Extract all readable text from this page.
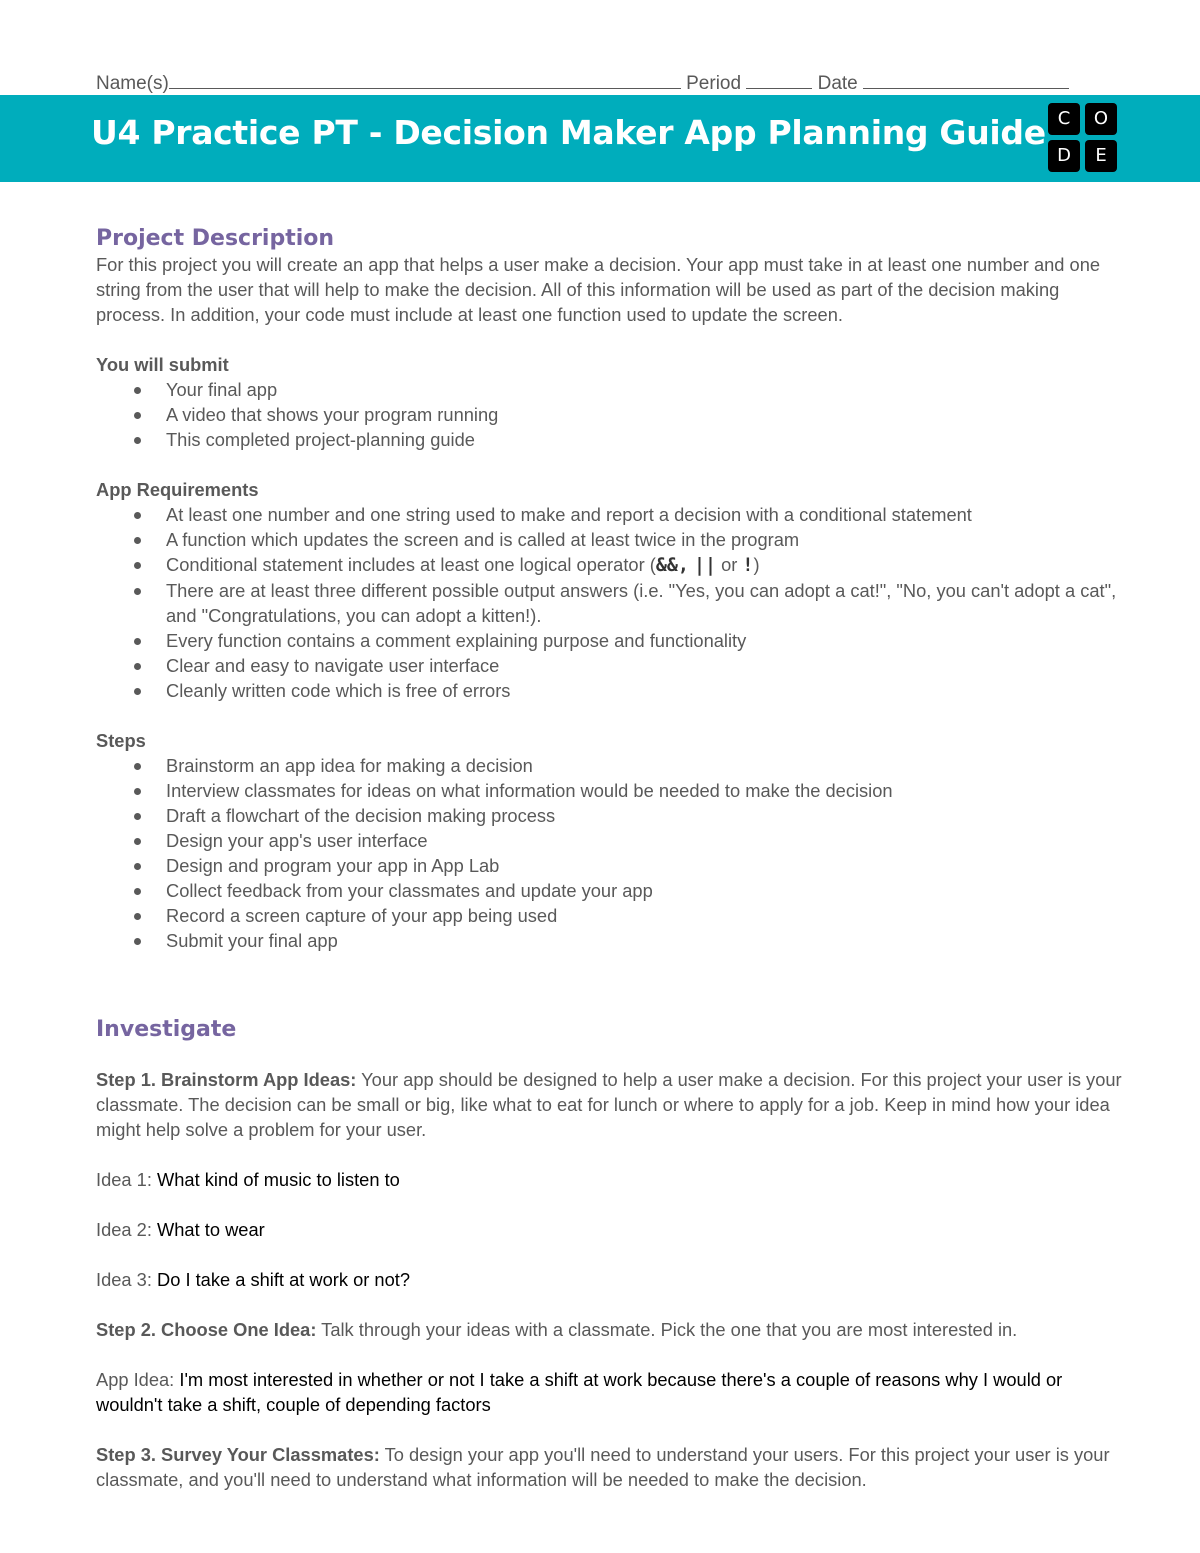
Name(s)	Period	Date
U4 Practice PT - Decision Maker App Planning Guide C	O
D	E
Project Description

For this project you will create an app that helps a user make a decision. Your app must take in at least one number and one string from the user that will help to make the decision. All of this information will be used as part of the decision making process. In addition, your code must include at least one function used to update the screen.

You will submit
Your final app
A video that shows your program running
This completed project-planning guide
App Requirements
At least one number and one string used to make and report a decision with a conditional statement
A function which updates the screen and is called at least twice in the program
Conditional statement includes at least one logical operator (&&, || or !)
There are at least three different possible output answers (i.e. "Yes, you can adopt a cat!", "No, you can't adopt a cat", and "Congratulations, you can adopt a kitten!).
Every function contains a comment explaining purpose and functionality
Clear and easy to navigate user interface
Cleanly written code which is free of errors
Steps
Brainstorm an app idea for making a decision
Interview classmates for ideas on what information would be needed to make the decision
Draft a flowchart of the decision making process
Design your app's user interface
Design and program your app in App Lab
Collect feedback from your classmates and update your app
Record a screen capture of your app being used
Submit your final app
Investigate

Step 1. Brainstorm App Ideas: Your app should be designed to help a user make a decision. For this project your user is your classmate. The decision can be small or big, like what to eat for lunch or where to apply for a job. Keep in mind how your idea might help solve a problem for your user.

Idea 1: What kind of music to listen to

Idea 2: What to wear

Idea 3: Do I take a shift at work or not?

Step 2. Choose One Idea: Talk through your ideas with a classmate. Pick the one that you are most interested in.

App Idea: I'm most interested in whether or not I take a shift at work because there's a couple of reasons why I would or wouldn't take a shift, couple of depending factors

Step 3. Survey Your Classmates: To design your app you'll need to understand your users. For this project your user is your classmate, and you'll need to understand what information will be needed to make the decision.
